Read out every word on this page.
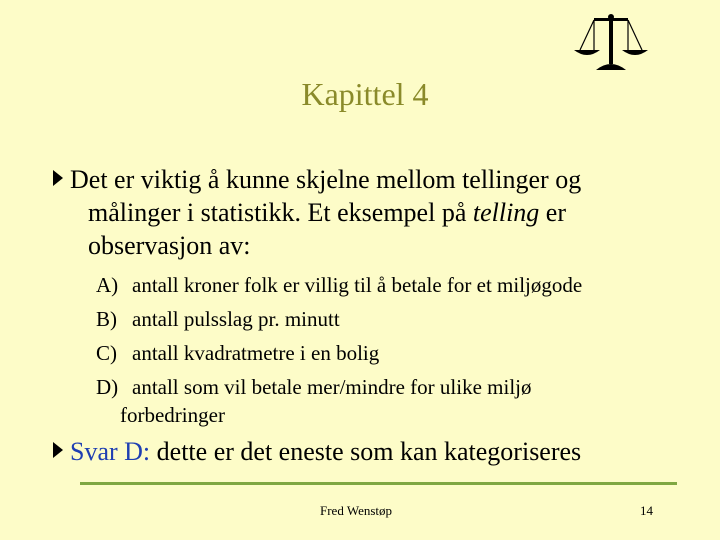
Kapittel 4
Det er viktig å kunne skjelne mellom tellinger og
målinger i statistikk. Et eksempel på telling er
observasjon av:
A) antall kroner folk er villig til å betale for et miljøgode
B) antall pulsslag pr. minutt
C) antall kvadratmetre i en bolig
D) antall som vil betale mer/mindre for ulike miljø
forbedringer
Svar D: dette er det eneste som kan kategoriseres
Fred Wenstøp	14
